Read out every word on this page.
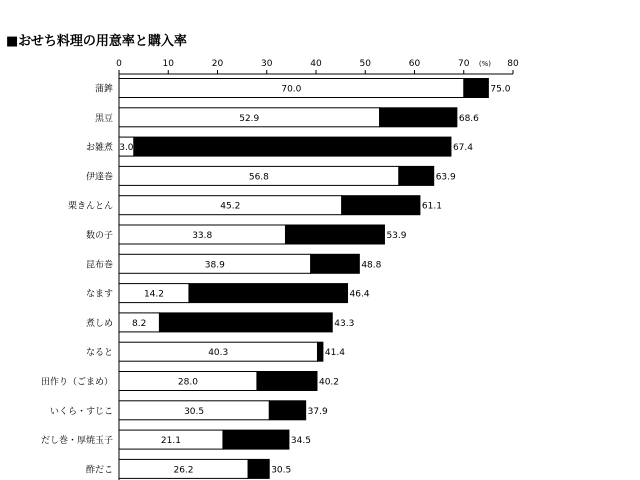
■おせち料理の用意率と購入率
0	10	20	30	40	50	60	70	80
(%)
蒲鉾	70.0	75.0
黒豆	52.9	68.6
お雑煮 3.0	67.4
伊達巻	56.8	63.9
栗きんとん	45.2	61.1
数の子	33.8	53.9
昆布巻	38.9	48.8
なます	14.2	46.4
煮しめ 8.2	43.3
なると	40.3	41.4
田作り（ごまめ）	28.0	40.2
いくら・すじこ	30.5	37.9
だし巻・厚焼玉子	21.1	34.5
酢だこ	26.2	30.5
